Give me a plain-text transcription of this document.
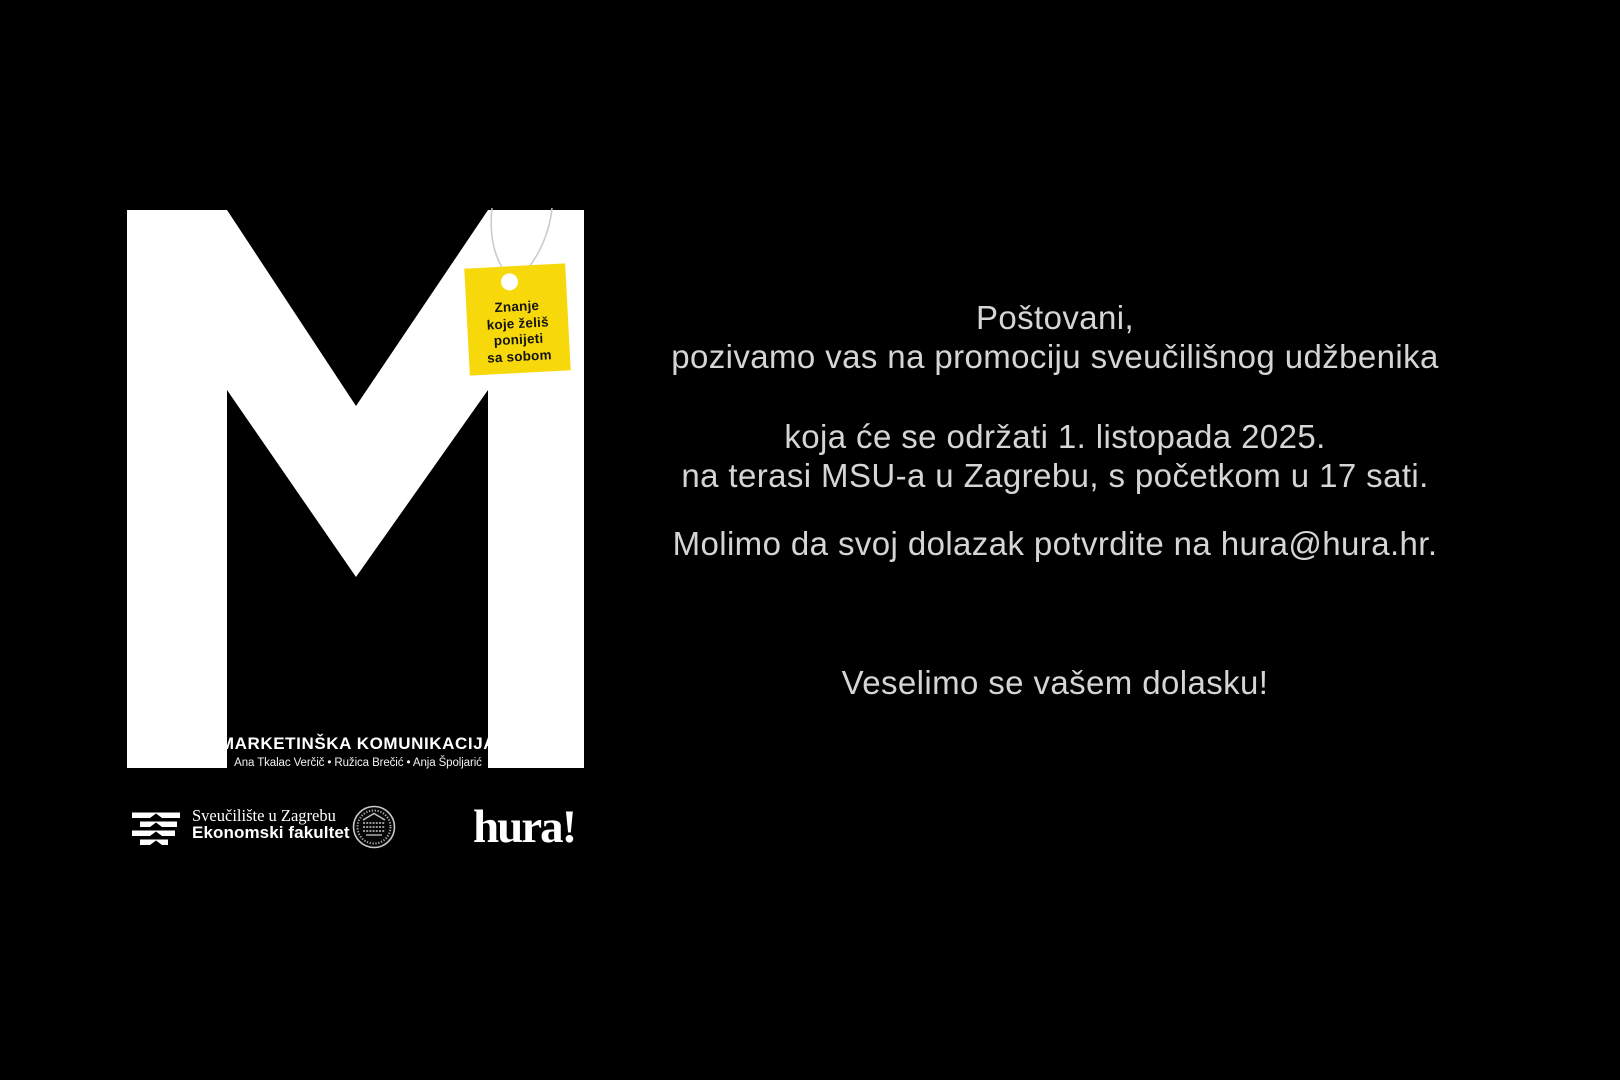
Znanje
koje želiš
ponijeti
sa sobom
MARKETINŠKA KOMUNIKACIJA
Ana Tkalac Verčič • Ružica Brečić • Anja Špoljarić

Poštovani,

pozivamo vas na promociju sveučilišnog udžbenika

koja će se održati 1. listopada 2025.

na terasi MSU-a u Zagrebu, s početkom u 17 sati.

Molimo da svoj dolazak potvrdite na hura@hura.hr.

Veselimo se vašem dolasku!

Sveučilište u Zagrebu
Ekonomski fakultet	hura!
